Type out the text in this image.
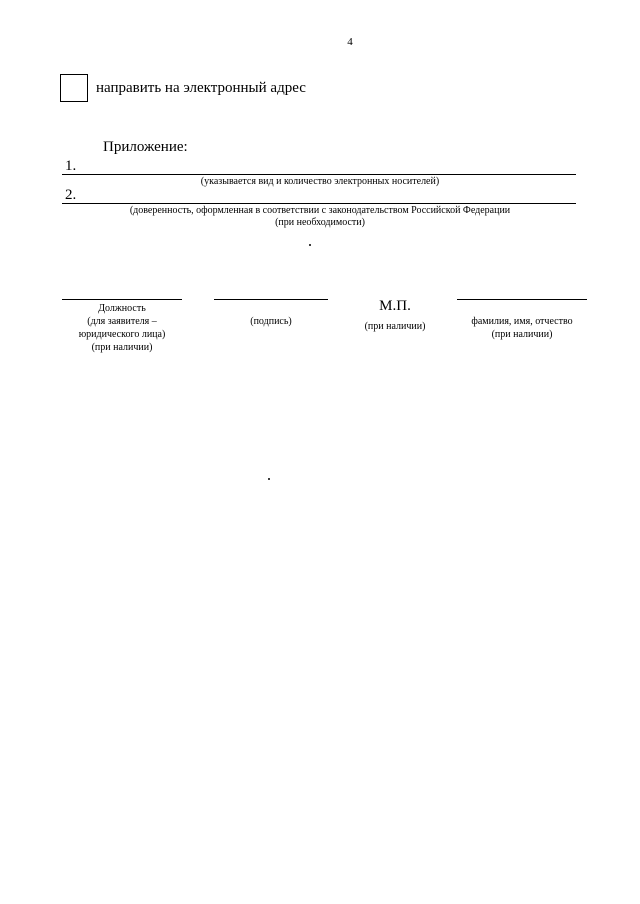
4
направить на электронный адрес
Приложение:
1.
(указывается вид и количество электронных носителей)
2.
(доверенность, оформленная в соответствии с законодательством Российской Федерации
(при необходимости)
Должность
(для заявителя –
юридического лица)
(при наличии)
(подпись)
М.П.
(при наличии)	фамилия, имя, отчество
(при наличии)
